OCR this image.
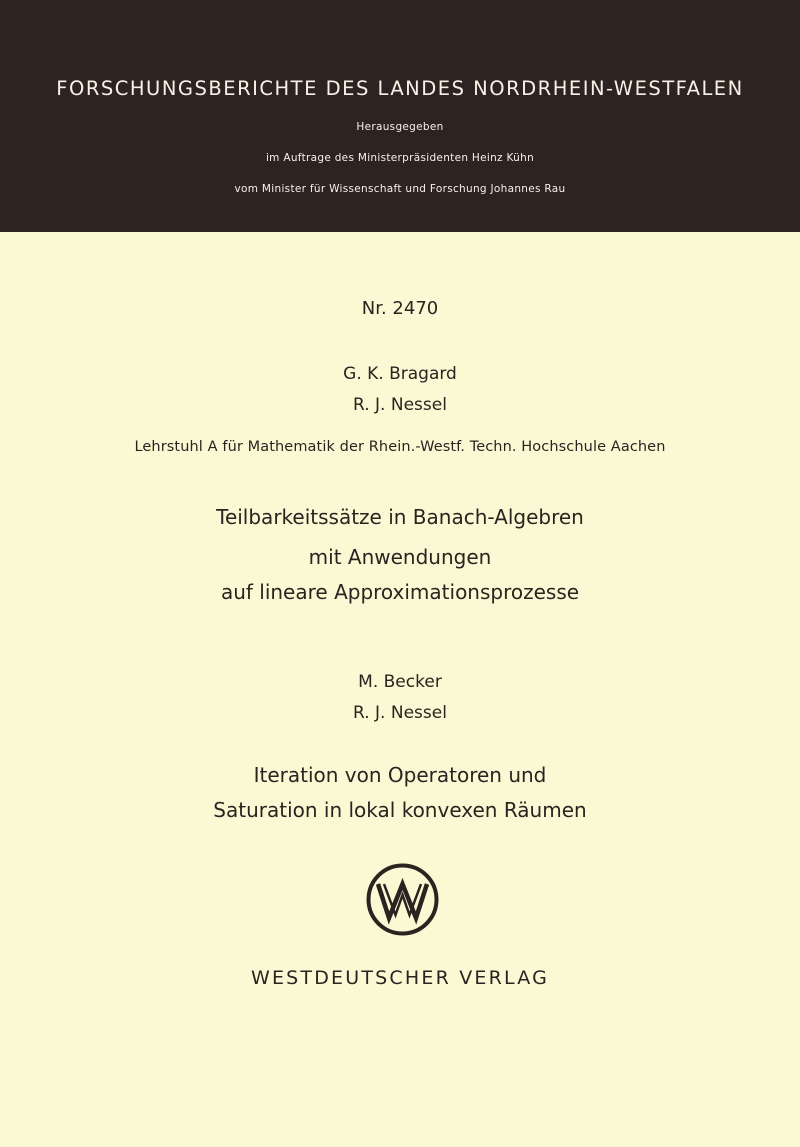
FORSCHUNGSBERICHTE DES LANDES NORDRHEIN-WESTFALEN
Herausgegeben
im Auftrage des Ministerpräsidenten Heinz Kühn
vom Minister für Wissenschaft und Forschung Johannes Rau
Nr. 2470
G. K. Bragard
R. J. Nessel
Lehrstuhl A für Mathematik der Rhein.-Westf. Techn. Hochschule Aachen
Teilbarkeitssätze in Banach-Algebren
mit Anwendungen
auf lineare Approximationsprozesse
M. Becker
R. J. Nessel
Iteration von Operatoren und
Saturation in lokal konvexen Räumen
WESTDEUTSCHER VERLAG
